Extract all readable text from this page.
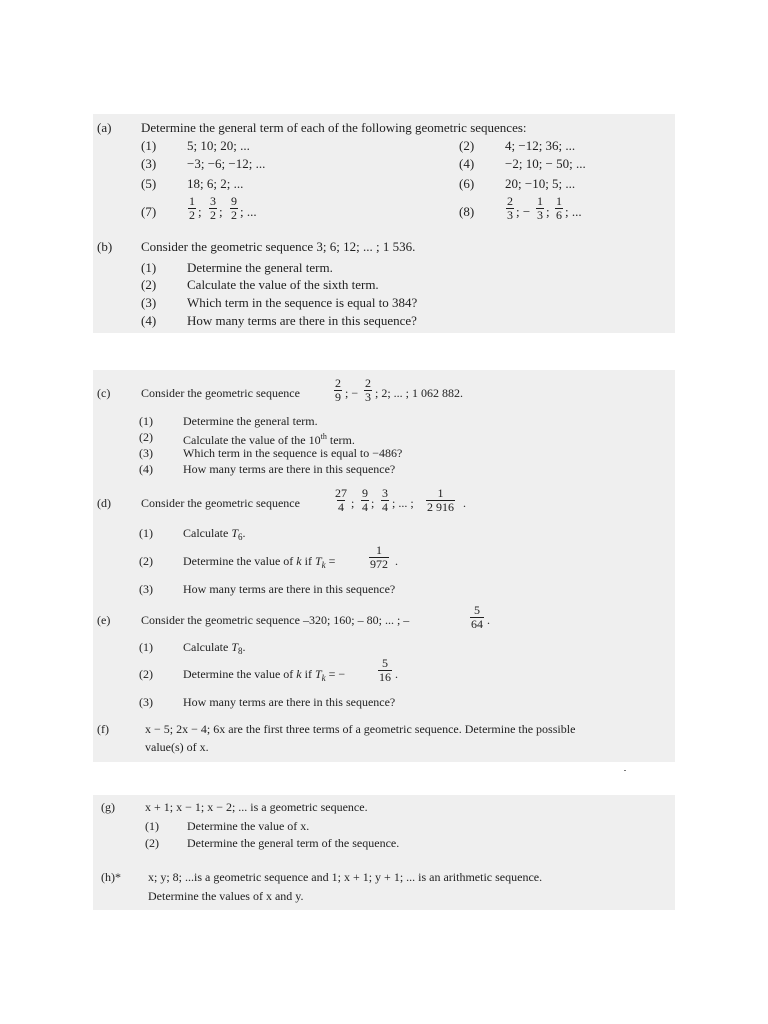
(a) Determine the general term of each of the following geometric sequences:
(1) 5; 10; 20; ...	(2) 4; −12; 36; ...
(3) −3; −6; −12; ...	(4) −2; 10; − 50; ...
(5) 18; 6; 2; ...	(6) 20; −10; 5; ...
(7)	$\frac{1}{2}$ ; $\frac{3}{2}$ ; $\frac{9}{2}$ ; ...	(8)	$\frac{2}{3}$ ; − $\frac{1}{3}$ ; $\frac{1}{6}$ ; ...
(b) Consider the geometric sequence 3; 6; 12; ... ; 1 536.
(1) Determine the general term.
(2) Calculate the value of the sixth term.
(3) Which term in the sequence is equal to 384?
(4) How many terms are there in this sequence?
(c)	Consider the geometric sequence	$\frac{2}{9}$ ; − $\frac{2}{3}$ ; 2; ... ; 1 062 882.
(1)	Determine the general term.
(2)	Calculate the value of the 10th term.
(3)	Which term in the sequence is equal to −486?
(4)	How many terms are there in this sequence?
(d)	Consider the geometric sequence	$\frac{27}{4}$ ; $\frac{9}{4}$ ; $\frac{3}{4}$ ; ... ; $\frac{1}{2 916}$ .
(1)	Calculate $T_6$.
(2)	Determine the value of k if $T_k$ =	$\frac{1}{972}$ .
(3)	How many terms are there in this sequence?
(e)	Consider the geometric sequence –320; 160; – 80; ... ; –	$\frac{5}{64}$ .
(1)	Calculate $T_8$.
(2)	Determine the value of k if $T_k$ = −	$\frac{5}{16}$ .
(3)	How many terms are there in this sequence?
(f)	x − 5; 2x − 4; 6x are the first three terms of a geometric sequence. Determine the possible
value(s) of x.
(g)	x + 1; x − 1; x − 2; ... is a geometric sequence.
(1) Determine the value of x.
(2) Determine the general term of the sequence.
(h)* x; y; 8; ...is a geometric sequence and 1; x + 1; y + 1; ... is an arithmetic sequence.
Determine the values of x and y.
